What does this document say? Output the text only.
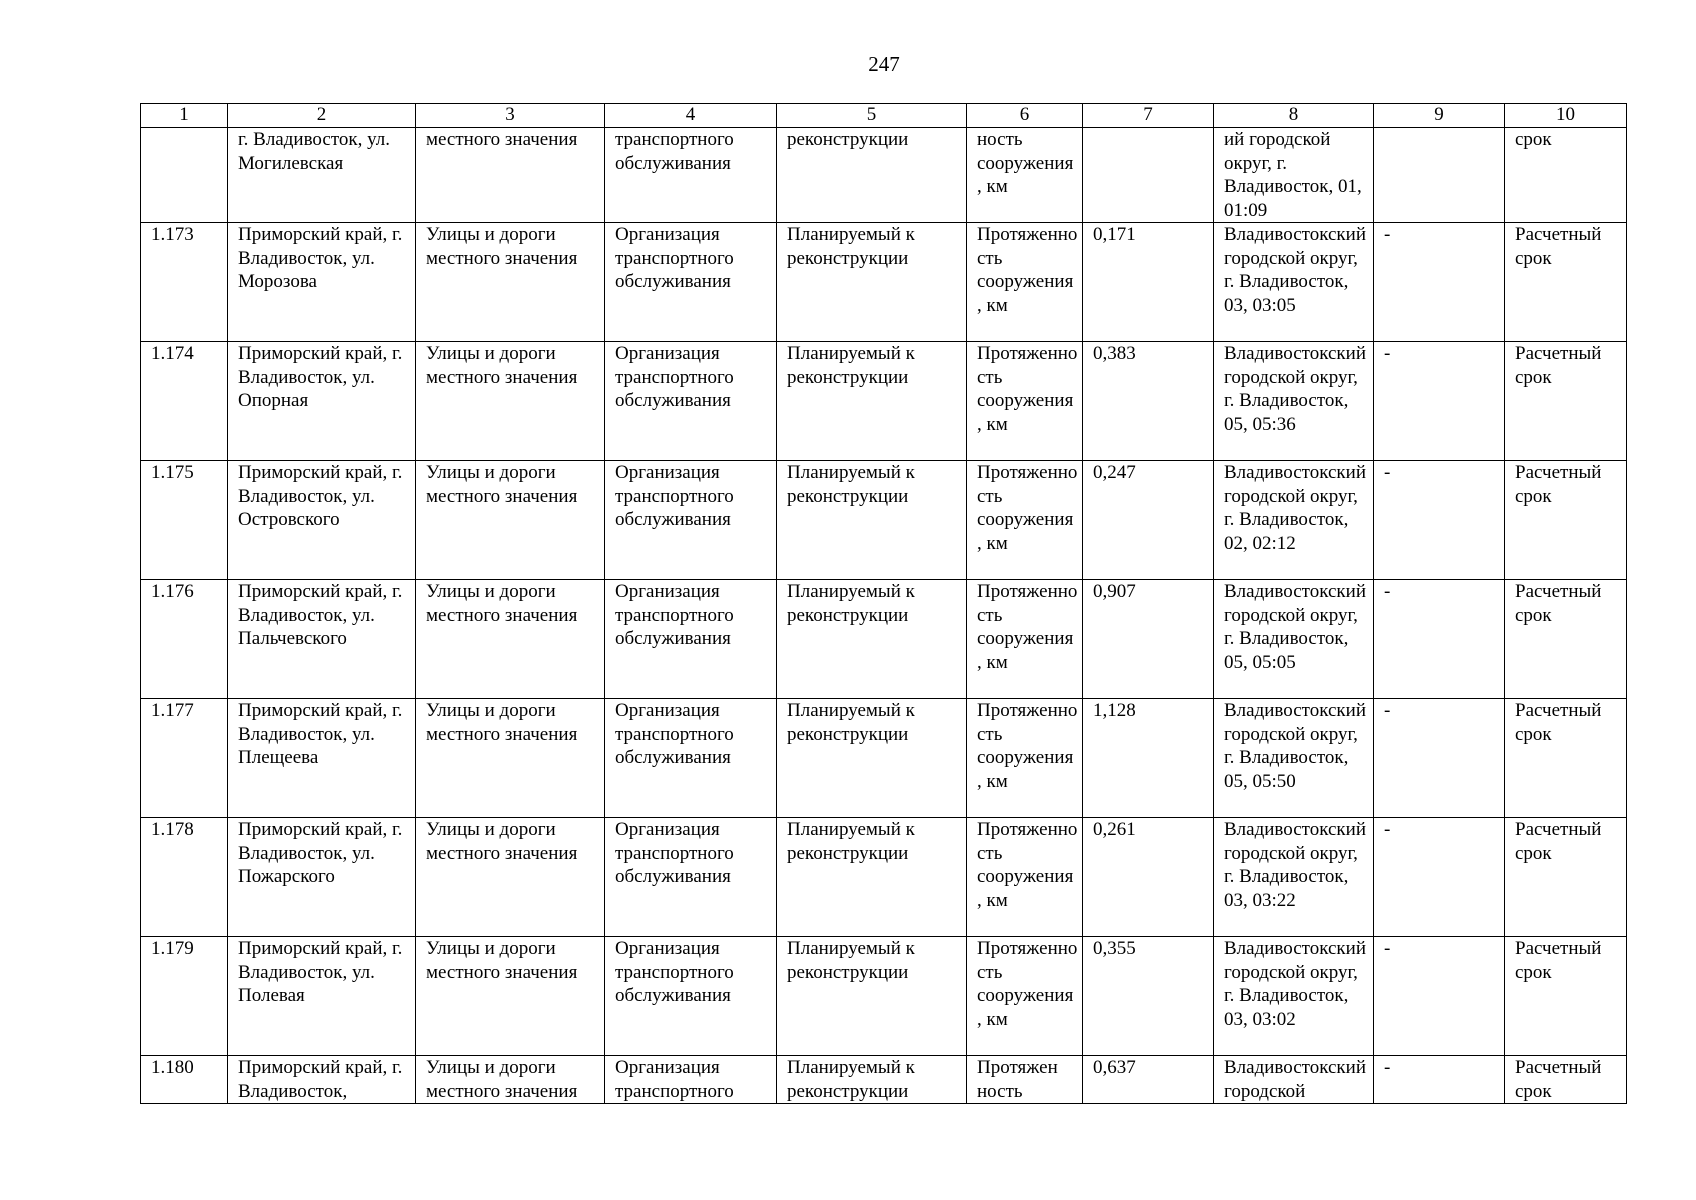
247
1	2	3	4	5	6	7	8	9	10
	г. Владивосток, ул. Могилевская	местного значения	транспортного обслуживания	реконструкции	ность сооружения, км		ий городской округ, г. Владивосток, 01, 01:09		срок
1.173	Приморский край, г. Владивосток, ул. Морозова	Улицы и дороги местного значения	Организация транспортного обслуживания	Планируемый к реконструкции	Протяженность сооружения, км	0,171	Владивостокский городской округ, г. Владивосток, 03, 03:05	-	Расчетный срок
1.174	Приморский край, г. Владивосток, ул. Опорная	Улицы и дороги местного значения	Организация транспортного обслуживания	Планируемый к реконструкции	Протяженность сооружения, км	0,383	Владивостокский городской округ, г. Владивосток, 05, 05:36	-	Расчетный срок
1.175	Приморский край, г. Владивосток, ул. Островского	Улицы и дороги местного значения	Организация транспортного обслуживания	Планируемый к реконструкции	Протяженность сооружения, км	0,247	Владивостокский городской округ, г. Владивосток, 02, 02:12	-	Расчетный срок
1.176	Приморский край, г. Владивосток, ул. Пальчевского	Улицы и дороги местного значения	Организация транспортного обслуживания	Планируемый к реконструкции	Протяженность сооружения, км	0,907	Владивостокский городской округ, г. Владивосток, 05, 05:05	-	Расчетный срок
1.177	Приморский край, г. Владивосток, ул. Плещеева	Улицы и дороги местного значения	Организация транспортного обслуживания	Планируемый к реконструкции	Протяженность сооружения, км	1,128	Владивостокский городской округ, г. Владивосток, 05, 05:50	-	Расчетный срок
1.178	Приморский край, г. Владивосток, ул. Пожарского	Улицы и дороги местного значения	Организация транспортного обслуживания	Планируемый к реконструкции	Протяженность сооружения, км	0,261	Владивостокский городской округ, г. Владивосток, 03, 03:22	-	Расчетный срок
1.179	Приморский край, г. Владивосток, ул. Полевая	Улицы и дороги местного значения	Организация транспортного обслуживания	Планируемый к реконструкции	Протяженность сооружения, км	0,355	Владивостокский городской округ, г. Владивосток, 03, 03:02	-	Расчетный срок
1.180	Приморский край, г. Владивосток,	Улицы и дороги местного значения	Организация транспортного	Планируемый к реконструкции	Протяжен ность	0,637	Владивостокский городской	-	Расчетный срок
